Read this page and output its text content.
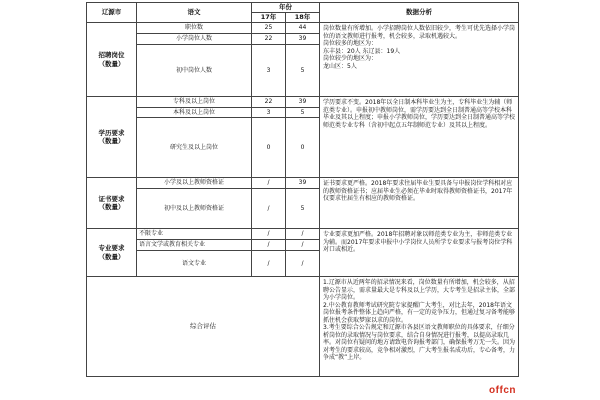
辽源市	语文	年份		数据分析
		17年	18年	
招聘岗位
（数量）	职位数	25	44	岗位数量有所增加。小学招聘岗位人数依旧较少，考生可优先选择小学岗位的语文教师进行报考，机会较多，录取机遇较大。
岗位较多的地区为：
东丰县：20人 东辽县：19人
岗位较少的地区为：
龙山区：5人
	小学岗位人数	22	39	
	初中岗位人数	3	5	
学历要求
（数量）	专科及以上岗位	22	39	学历要求不变。2018年以全日制本科毕业生为主，专科毕业生为辅（师范类专业）。申报初中教师岗位，需学历要达到全日制普通高等学校本科毕业及其以上程度；申报小学教师岗位，学历要达到全日制普通高等学校师范类专业专科（含初中起点五年制师范专业）及其以上程度。
	本科及以上岗位	3	5	
	研究生及以上岗位	0	0	
证书要求
（数量）	小学及以上教师资格证	/	39	证书要求更严格。2018年要求往届毕业生要具备与申报岗位学科相对应的教师资格证书；应届毕业生必须在毕业时取得教师资格证书，2017年仅要求往届生有相应的教师资格证。
	初中及以上教师资格证	/	5	
专业要求
（数量）	不限专业	/	/	专业要求更加严格。2018年招聘对象以师范类专业为主，非师范类专业为辅。而2017年要求申报中小学岗位人员所学专业要求与报考岗位学科对口或相近。
	语言文学或教育相关专业	/	/	
	语文专业	/	/	
综合评估				1.辽源市从近两年的招录情况来看，岗位数量有所增加，机会较多，从招聘公告显示，需求量最大是专科及以上学历，大专考生是招录主体，全部为小学岗位。
2.中公教育教师考试研究院专家提醒广大考生，对比去年，2018年语文岗位报考条件整体上趋向严格，有一定的竞争压力，但通过复习备考能够抓住机会获取梦寐以求的岗位。
3.考生要综合公告规定和辽源市各县区语文教师职位的具体要求，仔细分析岗位的录取情况与岗位要求，结合自身情况进行报考，以提高录取几率。对岗位有疑问的地方请致电咨询报考部门，确保报考万无一失。因为对考生的要求较高，竞争相对激烈，广大考生报名成功后，专心备考，力争成“教”上岸。
offcn
